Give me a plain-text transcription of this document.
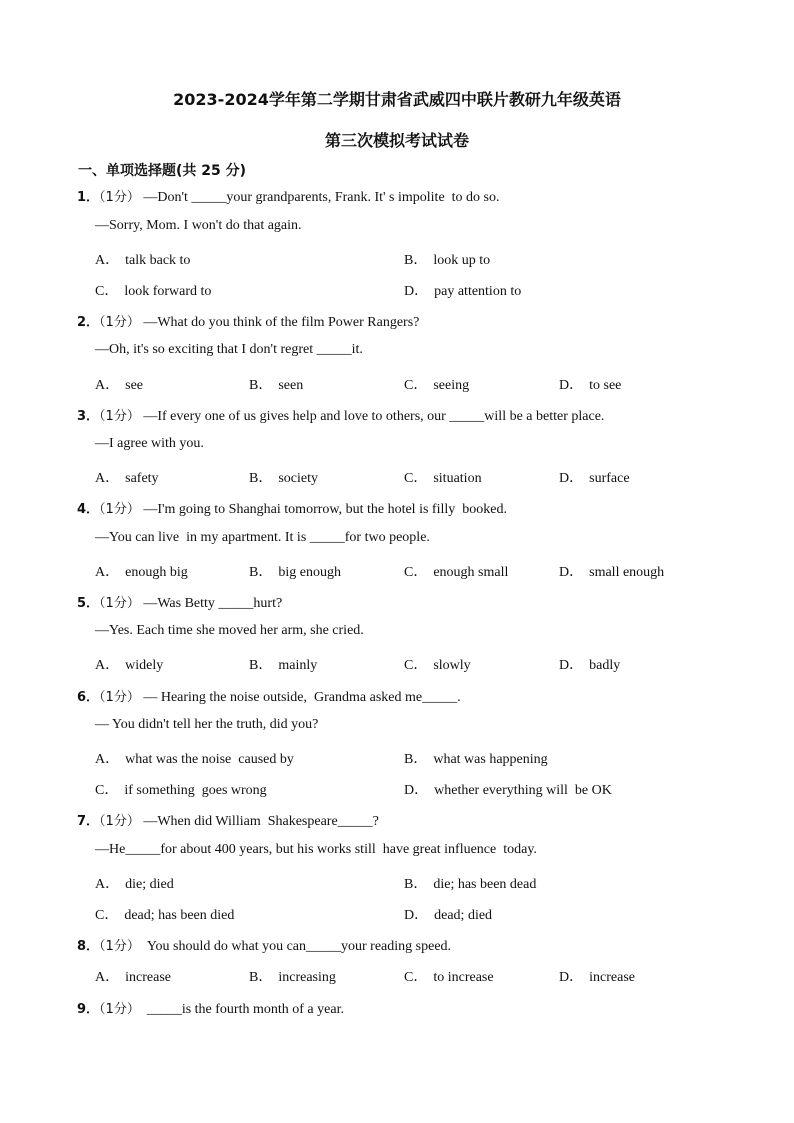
2023-2024学年第二学期甘肃省武威四中联片教研九年级英语
第三次模拟考试试卷
一、单项选择题(共 25 分)
1．（1分） —Don't _____your grandparents, Frank. It' s impolite  to do so.
—Sorry, Mom. I won't do that again.
A． talk back to	B． look up to
C． look forward to	D． pay attention to
2．（1分） —What do you think of the film Power Rangers?
—Oh, it's so exciting that I don't regret _____it.
A． see	B． seen	C． seeing	D． to see
3．（1分） —If every one of us gives help and love to others, our _____will be a better place.
—I agree with you.
A． safety	B． society	C． situation	D． surface
4．（1分） —I'm going to Shanghai tomorrow, but the hotel is filly  booked.
—You can live  in my apartment. It is _____for two people.
A． enough big	B． big enough	C． enough small	D． small enough
5．（1分） —Was Betty _____hurt?
—Yes. Each time she moved her arm, she cried.
A． widely	B． mainly	C． slowly	D． badly
6．（1分） — Hearing the noise outside,  Grandma asked me_____.
— You didn't tell her the truth, did you?
A． what was the noise  caused by	B． what was happening
C． if something  goes wrong	D． whether everything will  be OK
7．（1分） —When did William  Shakespeare_____?
—He_____for about 400 years, but his works still  have great influence  today.
A． die; died	B． die; has been dead
C． dead; has been died	D． dead; died
8．（1分）  You should do what you can_____your reading speed.
A． increase	B． increasing	C． to increase	D． increase
9．（1分）  _____is the fourth month of a year.
